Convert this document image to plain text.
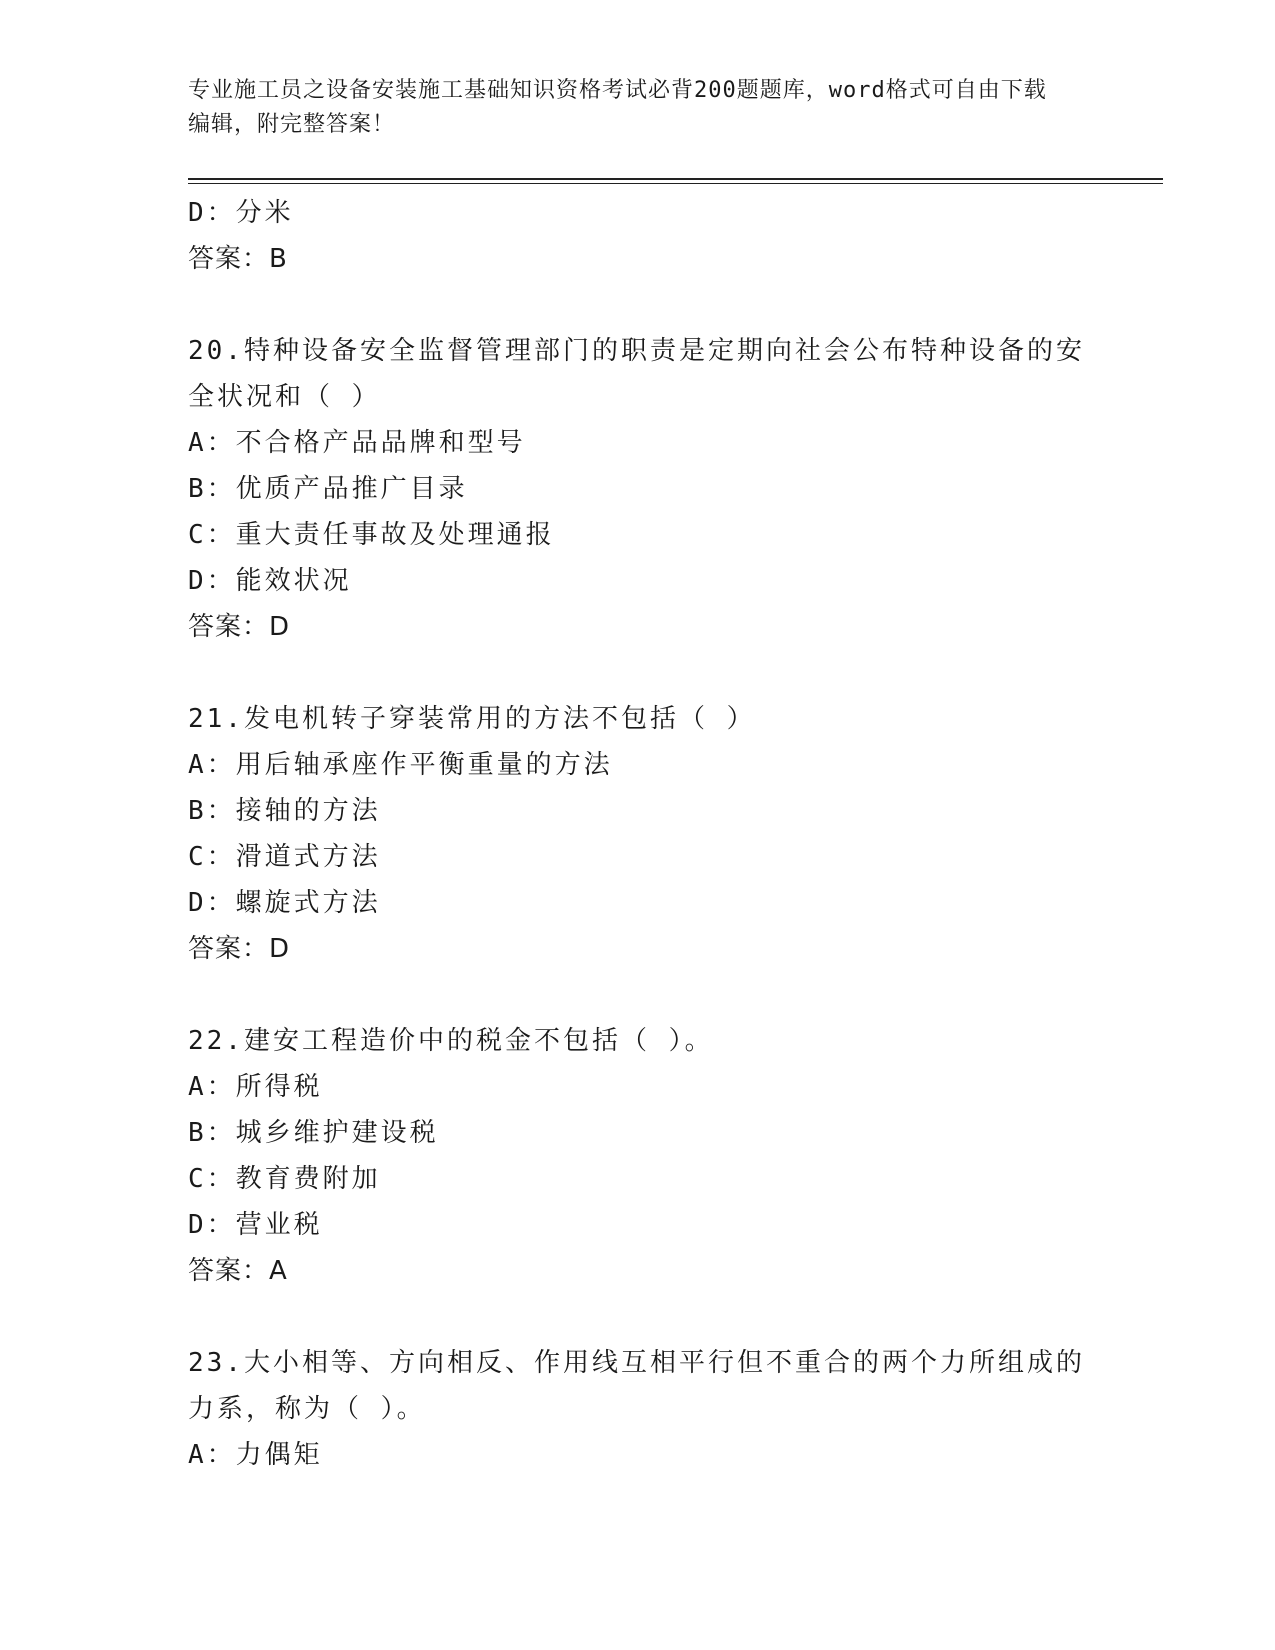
专业施工员之设备安装施工基础知识资格考试必背200题题库，word格式可自由下载编辑，附完整答案！
D：分米
答案：B
20.特种设备安全监督管理部门的职责是定期向社会公布特种设备的安全状况和（ ）
A：不合格产品品牌和型号
B：优质产品推广目录
C：重大责任事故及处理通报
D：能效状况
答案：D
21.发电机转子穿装常用的方法不包括（ ）
A：用后轴承座作平衡重量的方法
B：接轴的方法
C：滑道式方法
D：螺旋式方法
答案：D
22.建安工程造价中的税金不包括（ ）。
A：所得税
B：城乡维护建设税
C：教育费附加
D：营业税
答案：A
23.大小相等、方向相反、作用线互相平行但不重合的两个力所组成的力系，称为（ ）。
A：力偶矩
